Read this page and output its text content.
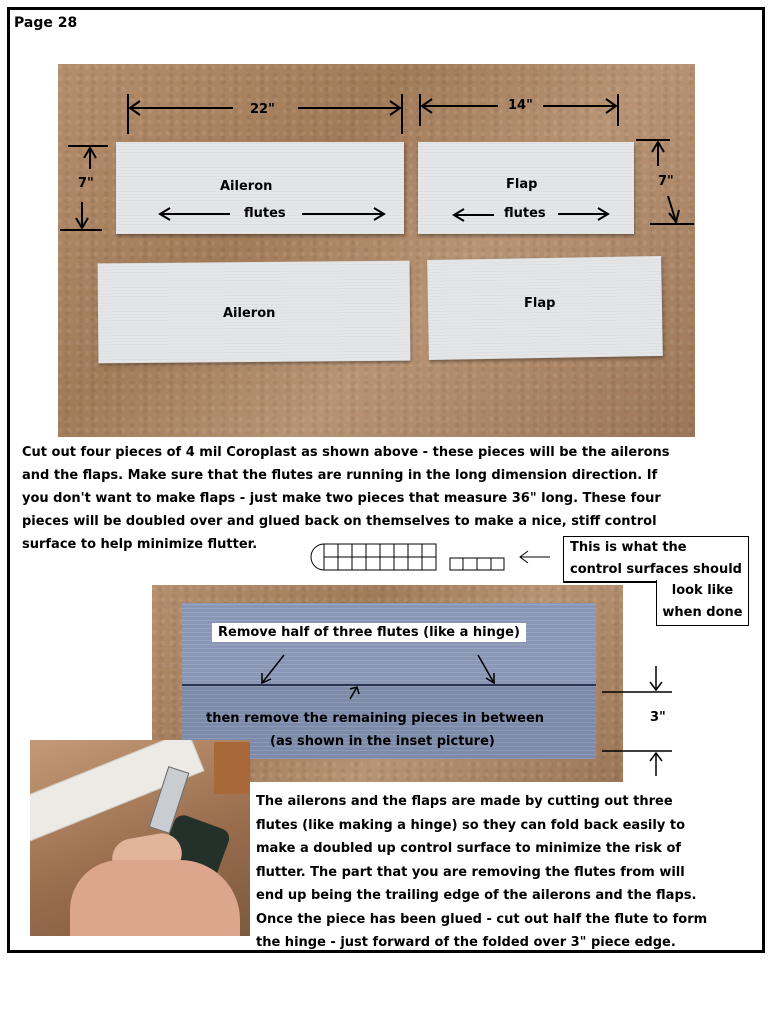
Page 28
22"	14"
7"	7"
Aileron
flutes
Flap
flutes
Aileron
Flap
Cut out four pieces of 4 mil Coroplast as shown above - these pieces will be the ailerons
and the flaps. Make sure that the flutes are running in the long dimension direction. If
you don't want to make flaps - just make two pieces that measure 36" long. These four
pieces will be doubled over and glued back on themselves to make a nice, stiff control
surface to help minimize flutter.	This is what the
control surfaces should
look like
when done
Remove half of three flutes (like a hinge)
then remove the remaining pieces in between
(as shown in the inset picture)
3"
The ailerons and the flaps are made by cutting out three
flutes (like making a hinge) so they can fold back easily to
make a doubled up control surface to minimize the risk of
flutter. The part that you are removing the flutes from will
end up being the trailing edge of the ailerons and the flaps.
Once the piece has been glued - cut out half the flute to form
the hinge - just forward of the folded over 3" piece edge.
